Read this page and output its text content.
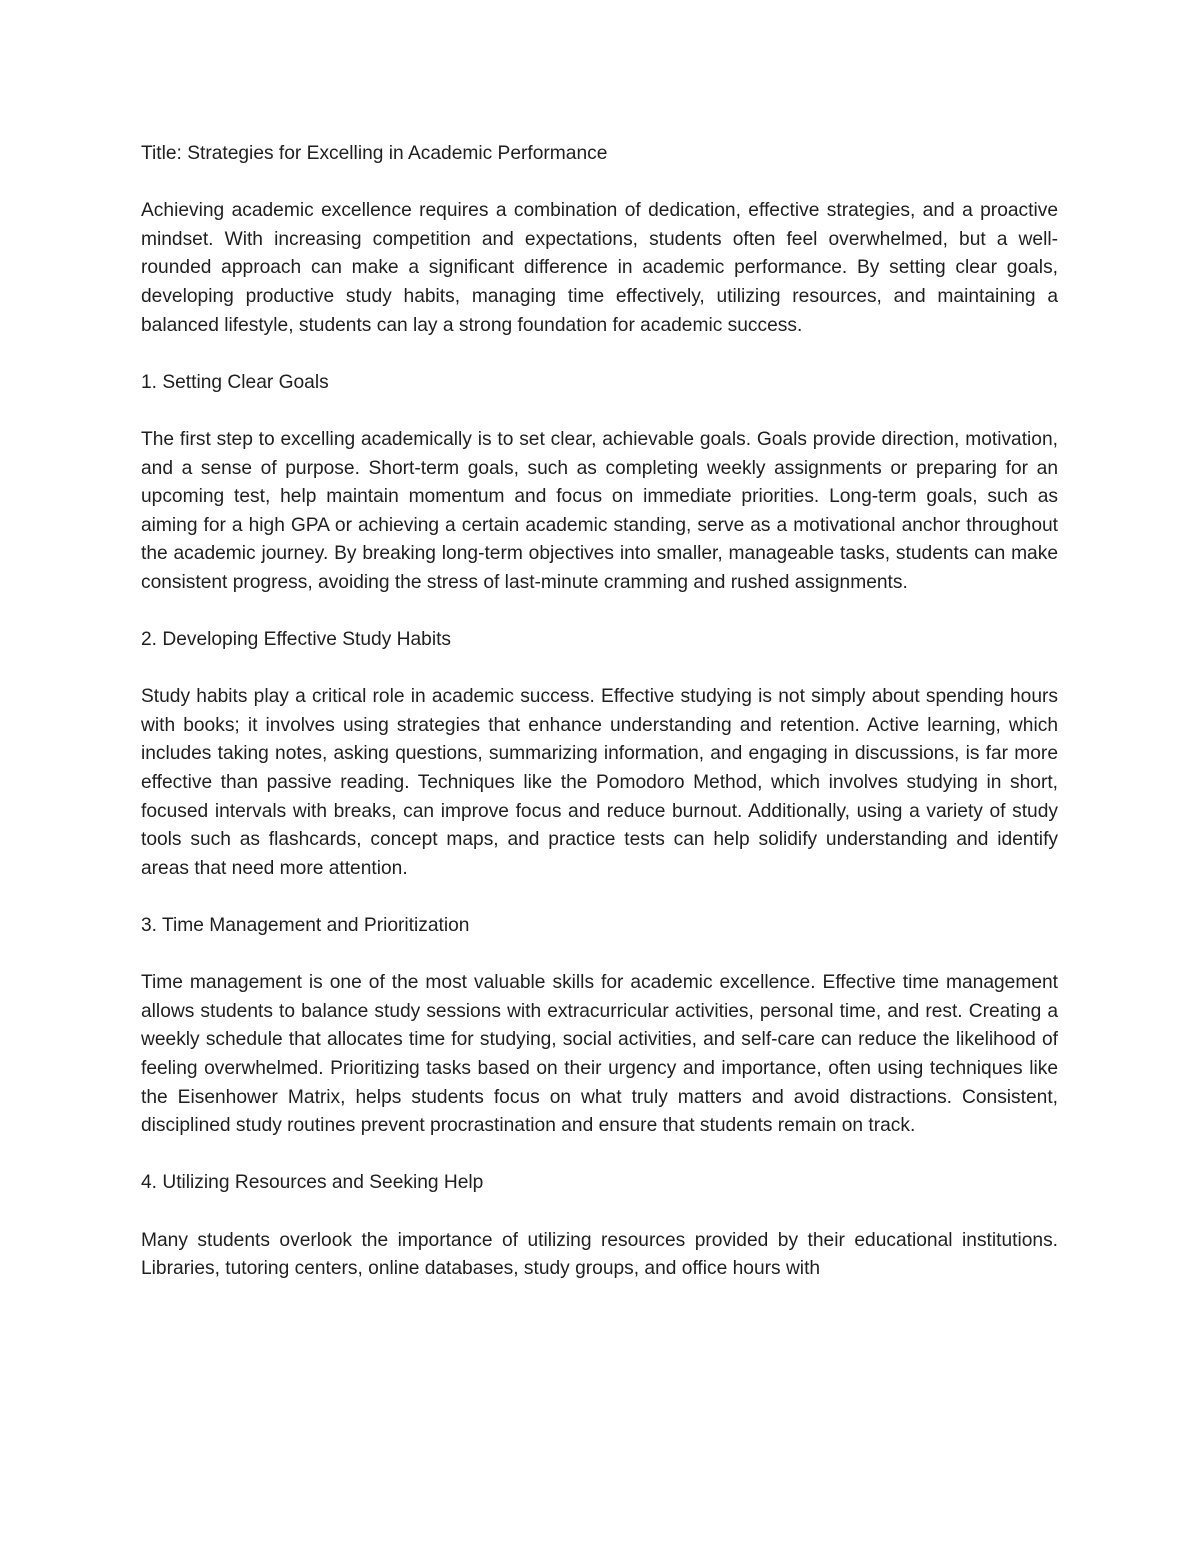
Title: Strategies for Excelling in Academic Performance

Achieving academic excellence requires a combination of dedication, effective strategies, and a proactive mindset. With increasing competition and expectations, students often feel overwhelmed, but a well-rounded approach can make a significant difference in academic performance. By setting clear goals, developing productive study habits, managing time effectively, utilizing resources, and maintaining a balanced lifestyle, students can lay a strong foundation for academic success.

1. Setting Clear Goals

The first step to excelling academically is to set clear, achievable goals. Goals provide direction, motivation, and a sense of purpose. Short-term goals, such as completing weekly assignments or preparing for an upcoming test, help maintain momentum and focus on immediate priorities. Long-term goals, such as aiming for a high GPA or achieving a certain academic standing, serve as a motivational anchor throughout the academic journey. By breaking long-term objectives into smaller, manageable tasks, students can make consistent progress, avoiding the stress of last-minute cramming and rushed assignments.

2. Developing Effective Study Habits

Study habits play a critical role in academic success. Effective studying is not simply about spending hours with books; it involves using strategies that enhance understanding and retention. Active learning, which includes taking notes, asking questions, summarizing information, and engaging in discussions, is far more effective than passive reading. Techniques like the Pomodoro Method, which involves studying in short, focused intervals with breaks, can improve focus and reduce burnout. Additionally, using a variety of study tools such as flashcards, concept maps, and practice tests can help solidify understanding and identify areas that need more attention.

3. Time Management and Prioritization

Time management is one of the most valuable skills for academic excellence. Effective time management allows students to balance study sessions with extracurricular activities, personal time, and rest. Creating a weekly schedule that allocates time for studying, social activities, and self-care can reduce the likelihood of feeling overwhelmed. Prioritizing tasks based on their urgency and importance, often using techniques like the Eisenhower Matrix, helps students focus on what truly matters and avoid distractions. Consistent, disciplined study routines prevent procrastination and ensure that students remain on track.

4. Utilizing Resources and Seeking Help

Many students overlook the importance of utilizing resources provided by their educational institutions. Libraries, tutoring centers, online databases, study groups, and office hours with
